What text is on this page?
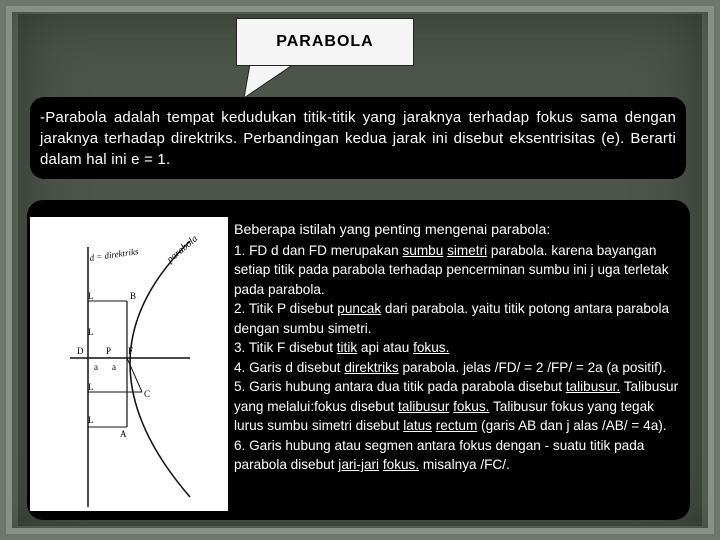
PARABOLA
-Parabola adalah tempat kedudukan titik-titik yang jaraknya terhadap fokus sama dengan jaraknya terhadap direktriks. Perbandingan kedua jarak ini disebut eksentrisitas (e). Berarti dalam hal ini e = 1.
d = direktriks	parabola
L	B
L
D	P F
a a
L
C
L
A
Beberapa istilah yang penting mengenai parabola:
1. FD d dan FD merupakan sumbu simetri parabola. karena bayangan setiap titik pada parabola terhadap pencerminan sumbu ini j uga terletak pada parabola.
2. Titik P disebut puncak dari parabola. yaitu titik potong antara parabola dengan sumbu simetri.
3. Titik F disebut titik api atau fokus.
4. Garis d disebut direktriks parabola. jelas /FD/ = 2 /FP/ = 2a (a positif).
5. Garis hubung antara dua titik pada parabola disebut talibusur. Talibusur yang melalui:fokus disebut talibusur fokus. Talibusur fokus yang tegak lurus sumbu simetri disebut latus rectum (garis AB dan j alas /AB/ = 4a).
6. Garis hubung atau segmen antara fokus dengan - suatu titik pada parabola disebut jari-jari fokus. misalnya /FC/.
